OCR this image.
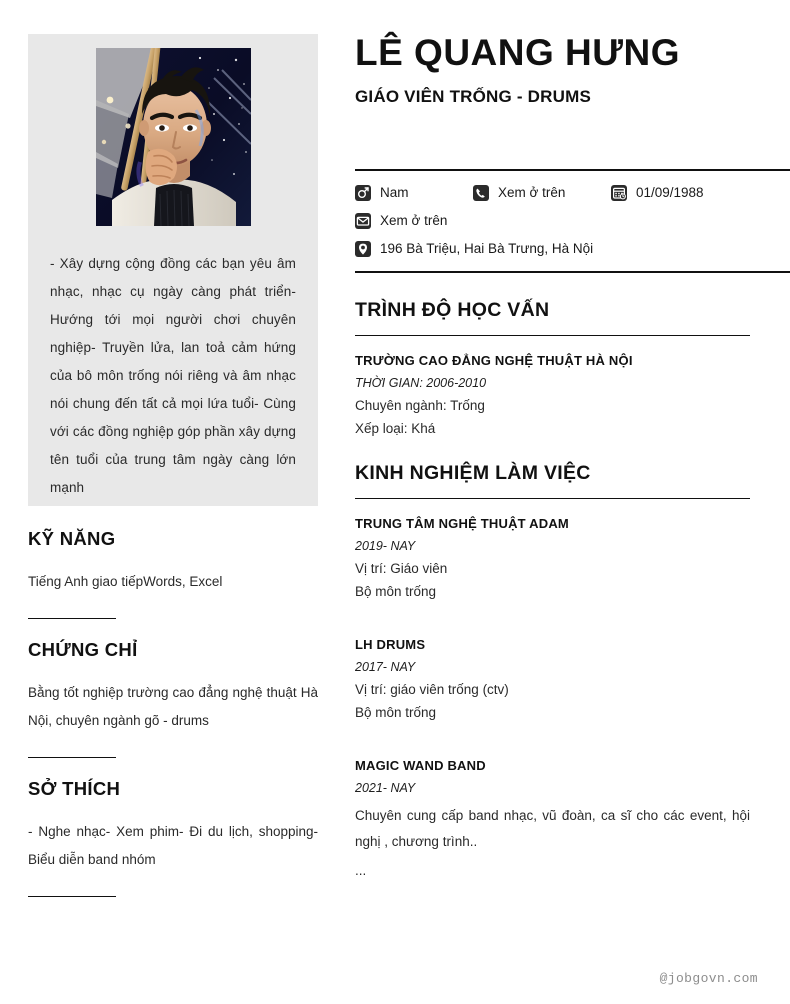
- Xây dựng cộng đồng các bạn yêu âm nhạc, nhạc cụ ngày càng phát triển- Hướng tới mọi người chơi chuyên nghiệp- Truyền lửa, lan toả cảm hứng của bô môn trống nói riêng và âm nhạc nói chung đến tất cả mọi lứa tuổi- Cùng với các đồng nghiệp góp phần xây dựng tên tuổi của trung tâm ngày càng lớn mạnh
KỸ NĂNG
Tiếng Anh giao tiếpWords, Excel
CHỨNG CHỈ
Bằng tốt nghiệp trường cao đẳng nghệ thuật Hà Nội, chuyên ngành gõ - drums
SỞ THÍCH
- Nghe nhạc- Xem phim- Đi du lịch, shopping- Biểu diễn band nhóm
LÊ QUANG HƯNG
GIÁO VIÊN TRỐNG - DRUMS
Nam	Xem ở trên	01/09/1988
Xem ở trên
196 Bà Triệu, Hai Bà Trưng, Hà Nội
TRÌNH ĐỘ HỌC VẤN
TRƯỜNG CAO ĐẲNG NGHỆ THUẬT HÀ NỘI
THỜI GIAN: 2006-2010
Chuyên ngành: Trống
Xếp loại: Khá
KINH NGHIỆM LÀM VIỆC
TRUNG TÂM NGHỆ THUẬT ADAM
2019- NAY
Vị trí: Giáo viên
Bộ môn trống
LH DRUMS
2017- NAY
Vị trí: giáo viên trống (ctv)
Bộ môn trống
MAGIC WAND BAND
2021- NAY
Chuyên cung cấp band nhạc, vũ đoàn, ca sĩ cho các event, hội nghị , chương trình..
...
@jobgovn.com
